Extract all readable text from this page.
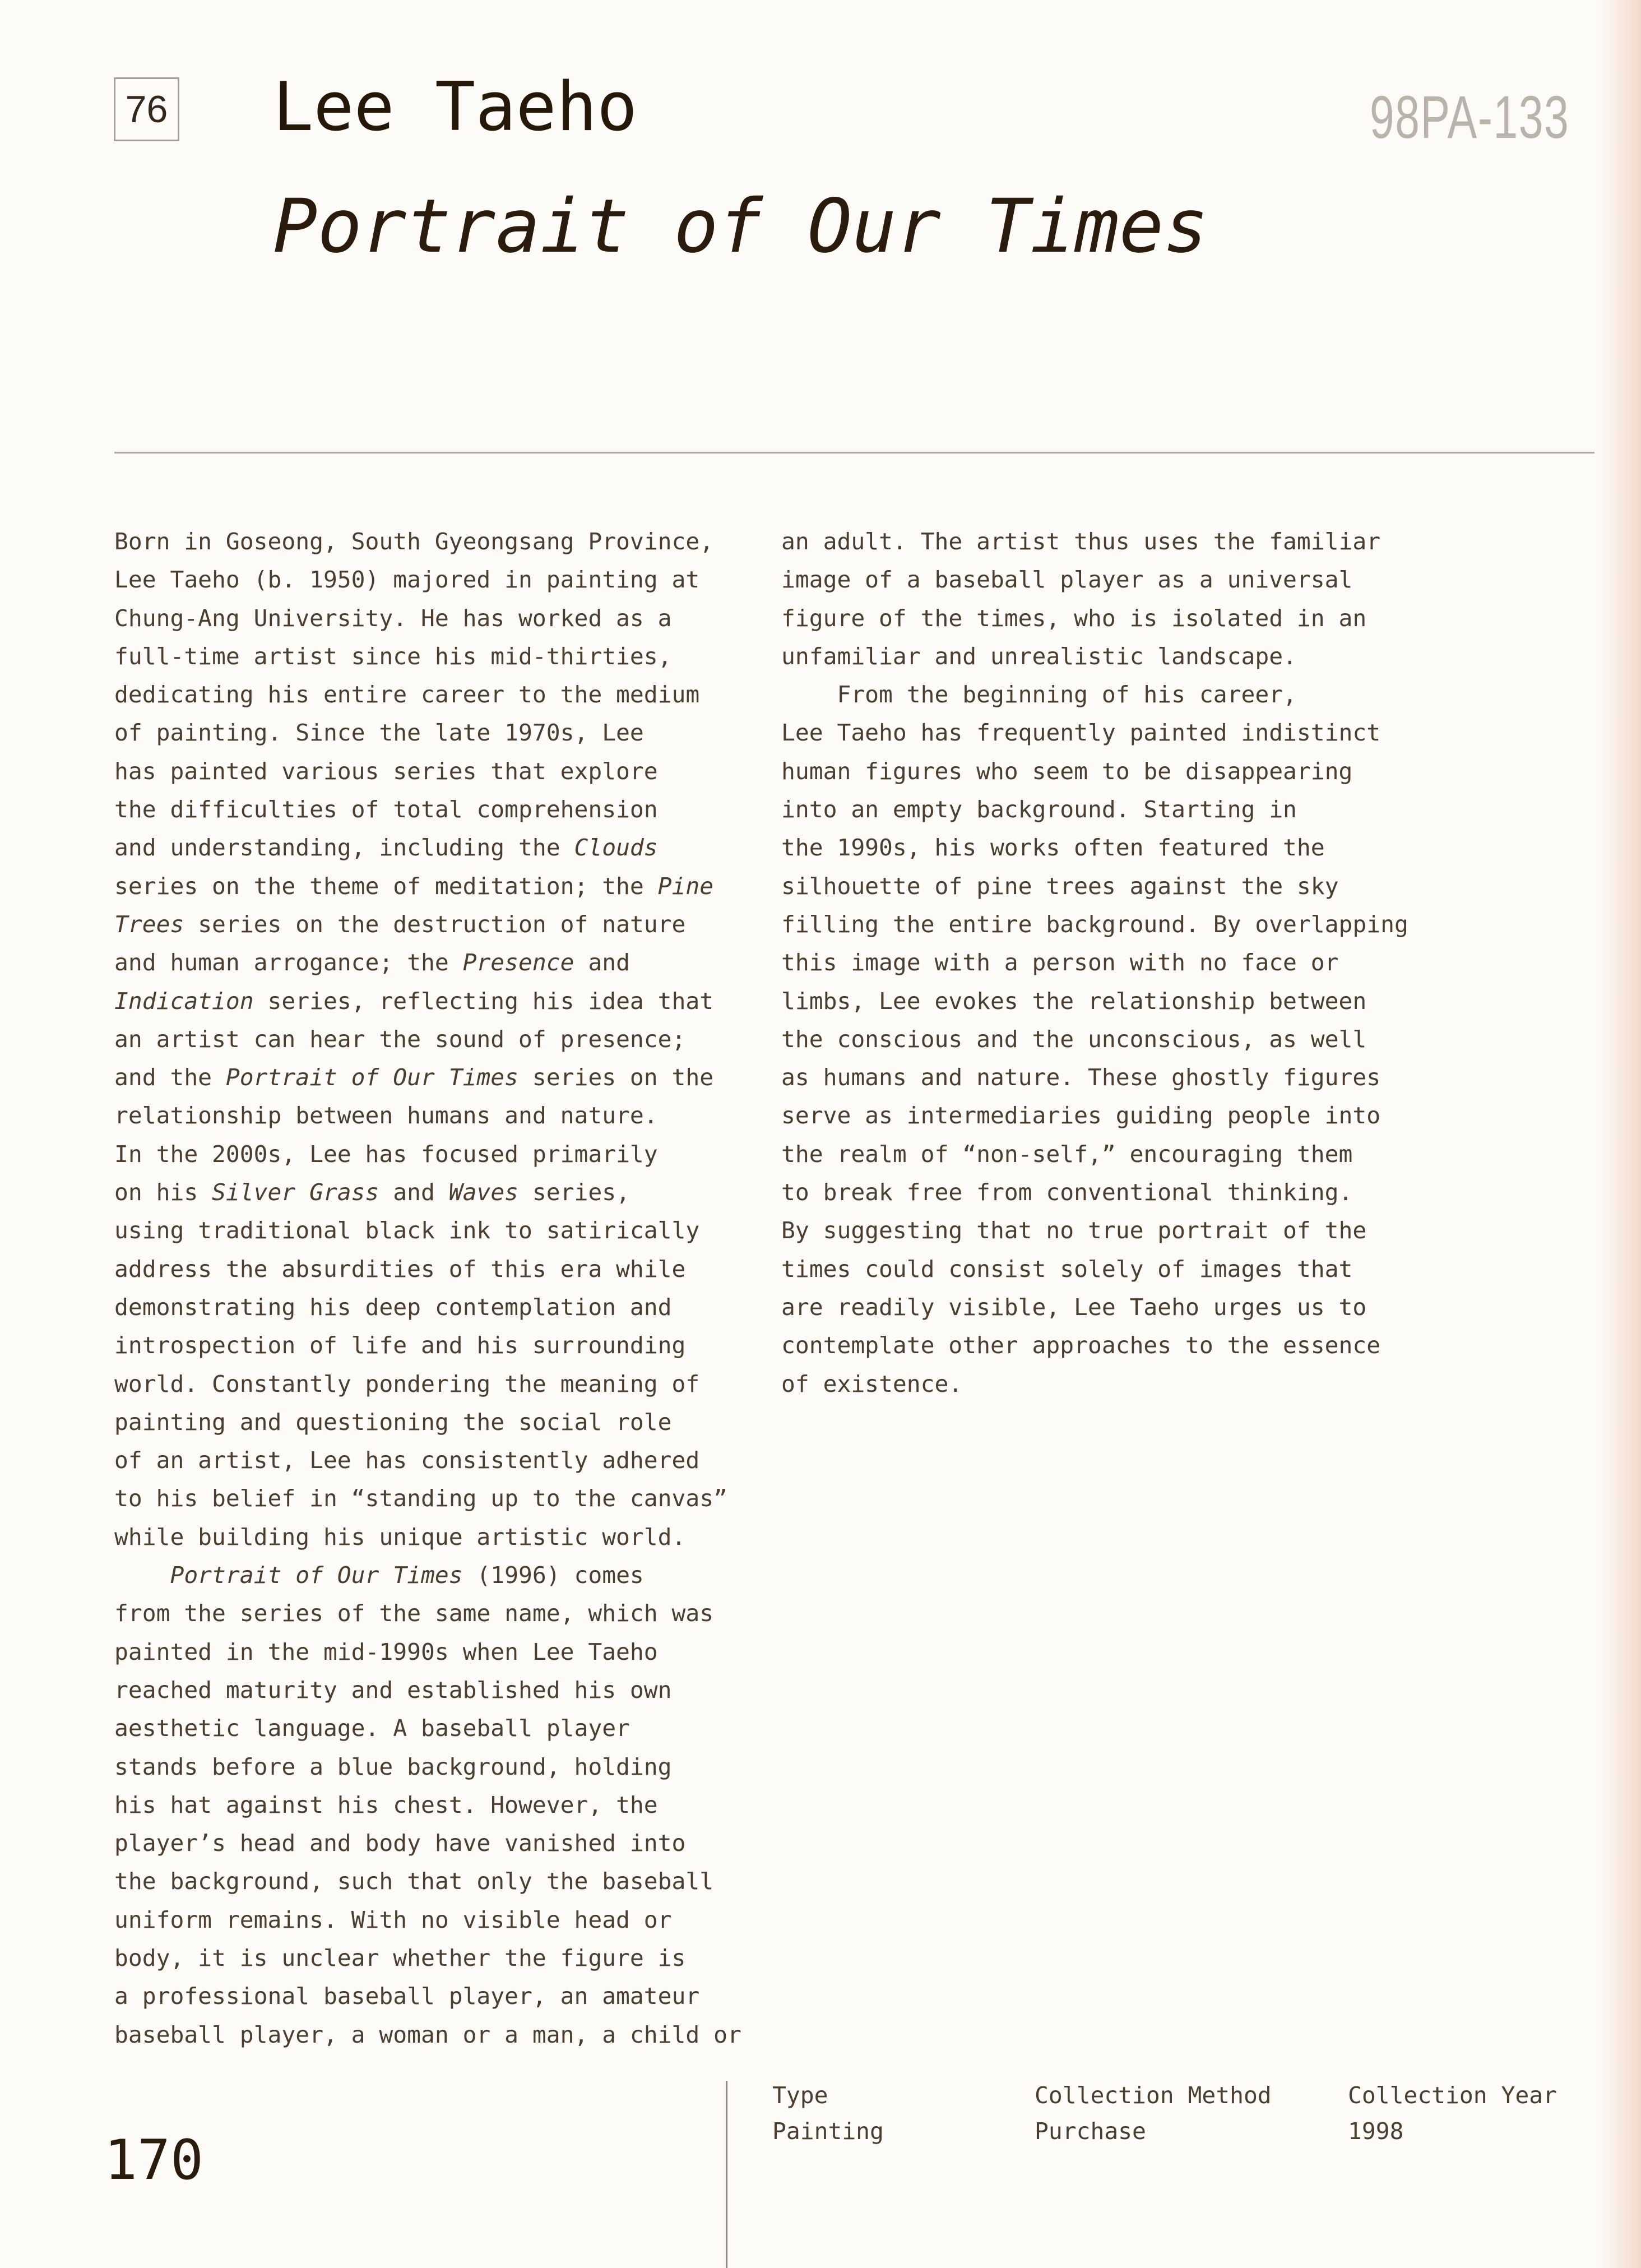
76 Lee Taeho
Portrait of Our Times
98PA-133
Born in Goseong, South Gyeongsang Province,
Lee Taeho (b. 1950) majored in painting at
Chung-Ang University. He has worked as a
full-time artist since his mid-thirties,
dedicating his entire career to the medium
of painting. Since the late 1970s, Lee
has painted various series that explore
the difficulties of total comprehension
and understanding, including the Clouds
series on the theme of meditation; the Pine
Trees series on the destruction of nature
and human arrogance; the Presence and
Indication series, reflecting his idea that
an artist can hear the sound of presence;
and the Portrait of Our Times series on the
relationship between humans and nature.
In the 2000s, Lee has focused primarily
on his Silver Grass and Waves series,
using traditional black ink to satirically
address the absurdities of this era while
demonstrating his deep contemplation and
introspection of life and his surrounding
world. Constantly pondering the meaning of
painting and questioning the social role
of an artist, Lee has consistently adhered
to his belief in “standing up to the canvas”
while building his unique artistic world.
Portrait of Our Times (1996) comes
from the series of the same name, which was
painted in the mid-1990s when Lee Taeho
reached maturity and established his own
aesthetic language. A baseball player
stands before a blue background, holding
his hat against his chest. However, the
player’s head and body have vanished into
the background, such that only the baseball
uniform remains. With no visible head or
body, it is unclear whether the figure is
a professional baseball player, an amateur
baseball player, a woman or a man, a child or
an adult. The artist thus uses the familiar
image of a baseball player as a universal
figure of the times, who is isolated in an
unfamiliar and unrealistic landscape.
From the beginning of his career,
Lee Taeho has frequently painted indistinct
human figures who seem to be disappearing
into an empty background. Starting in
the 1990s, his works often featured the
silhouette of pine trees against the sky
filling the entire background. By overlapping
this image with a person with no face or
limbs, Lee evokes the relationship between
the conscious and the unconscious, as well
as humans and nature. These ghostly figures
serve as intermediaries guiding people into
the realm of “non-self,” encouraging them
to break free from conventional thinking.
By suggesting that no true portrait of the
times could consist solely of images that
are readily visible, Lee Taeho urges us to
contemplate other approaches to the essence
of existence.
Type
Painting
Collection Method
Purchase
Collection Year
1998
170
